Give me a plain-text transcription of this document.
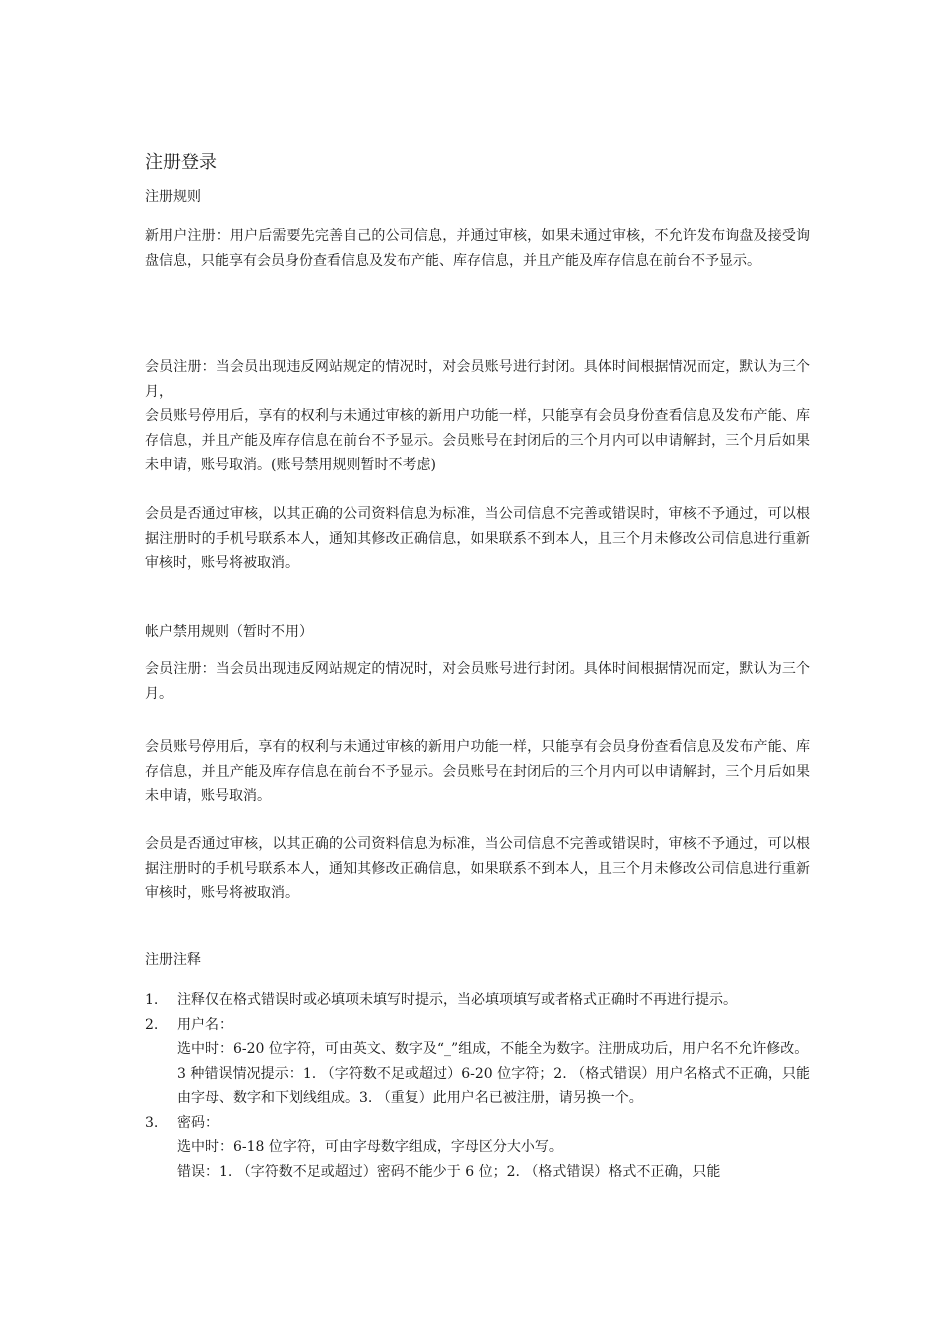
注册登录
注册规则

新用户注册：用户后需要先完善自己的公司信息，并通过审核，如果未通过审核，不允许发布询盘及接受询盘信息，只能享有会员身份查看信息及发布产能、库存信息，并且产能及库存信息在前台不予显示。

会员注册：当会员出现违反网站规定的情况时，对会员账号进行封闭。具体时间根据情况而定，默认为三个月，

会员账号停用后，享有的权利与未通过审核的新用户功能一样，只能享有会员身份查看信息及发布产能、库存信息，并且产能及库存信息在前台不予显示。会员账号在封闭后的三个月内可以申请解封，三个月后如果未申请，账号取消。(账号禁用规则暂时不考虑)

会员是否通过审核，以其正确的公司资料信息为标准，当公司信息不完善或错误时，审核不予通过，可以根据注册时的手机号联系本人，通知其修改正确信息，如果联系不到本人，且三个月未修改公司信息进行重新审核时，账号将被取消。

帐户禁用规则（暂时不用）

会员注册：当会员出现违反网站规定的情况时，对会员账号进行封闭。具体时间根据情况而定，默认为三个月。

会员账号停用后，享有的权利与未通过审核的新用户功能一样，只能享有会员身份查看信息及发布产能、库存信息，并且产能及库存信息在前台不予显示。会员账号在封闭后的三个月内可以申请解封，三个月后如果未申请，账号取消。

会员是否通过审核，以其正确的公司资料信息为标准，当公司信息不完善或错误时，审核不予通过，可以根据注册时的手机号联系本人，通知其修改正确信息，如果联系不到本人，且三个月未修改公司信息进行重新审核时，账号将被取消。

注册注释
1. 注释仅在格式错误时或必填项未填写时提示，当必填项填写或者格式正确时不再进行提示。
2. 用户名：
选中时：6-20 位字符，可由英文、数字及“_”组成，不能全为数字。注册成功后，用户名不允许修改。
3 种错误情况提示：1. （字符数不足或超过）6-20 位字符；2. （格式错误）用户名格式不正确，只能由字母、数字和下划线组成。3. （重复）此用户名已被注册，请另换一个。
3. 密码：
选中时：6-18 位字符，可由字母数字组成，字母区分大小写。
错误：1. （字符数不足或超过）密码不能少于 6 位；2. （格式错误）格式不正确，只能
